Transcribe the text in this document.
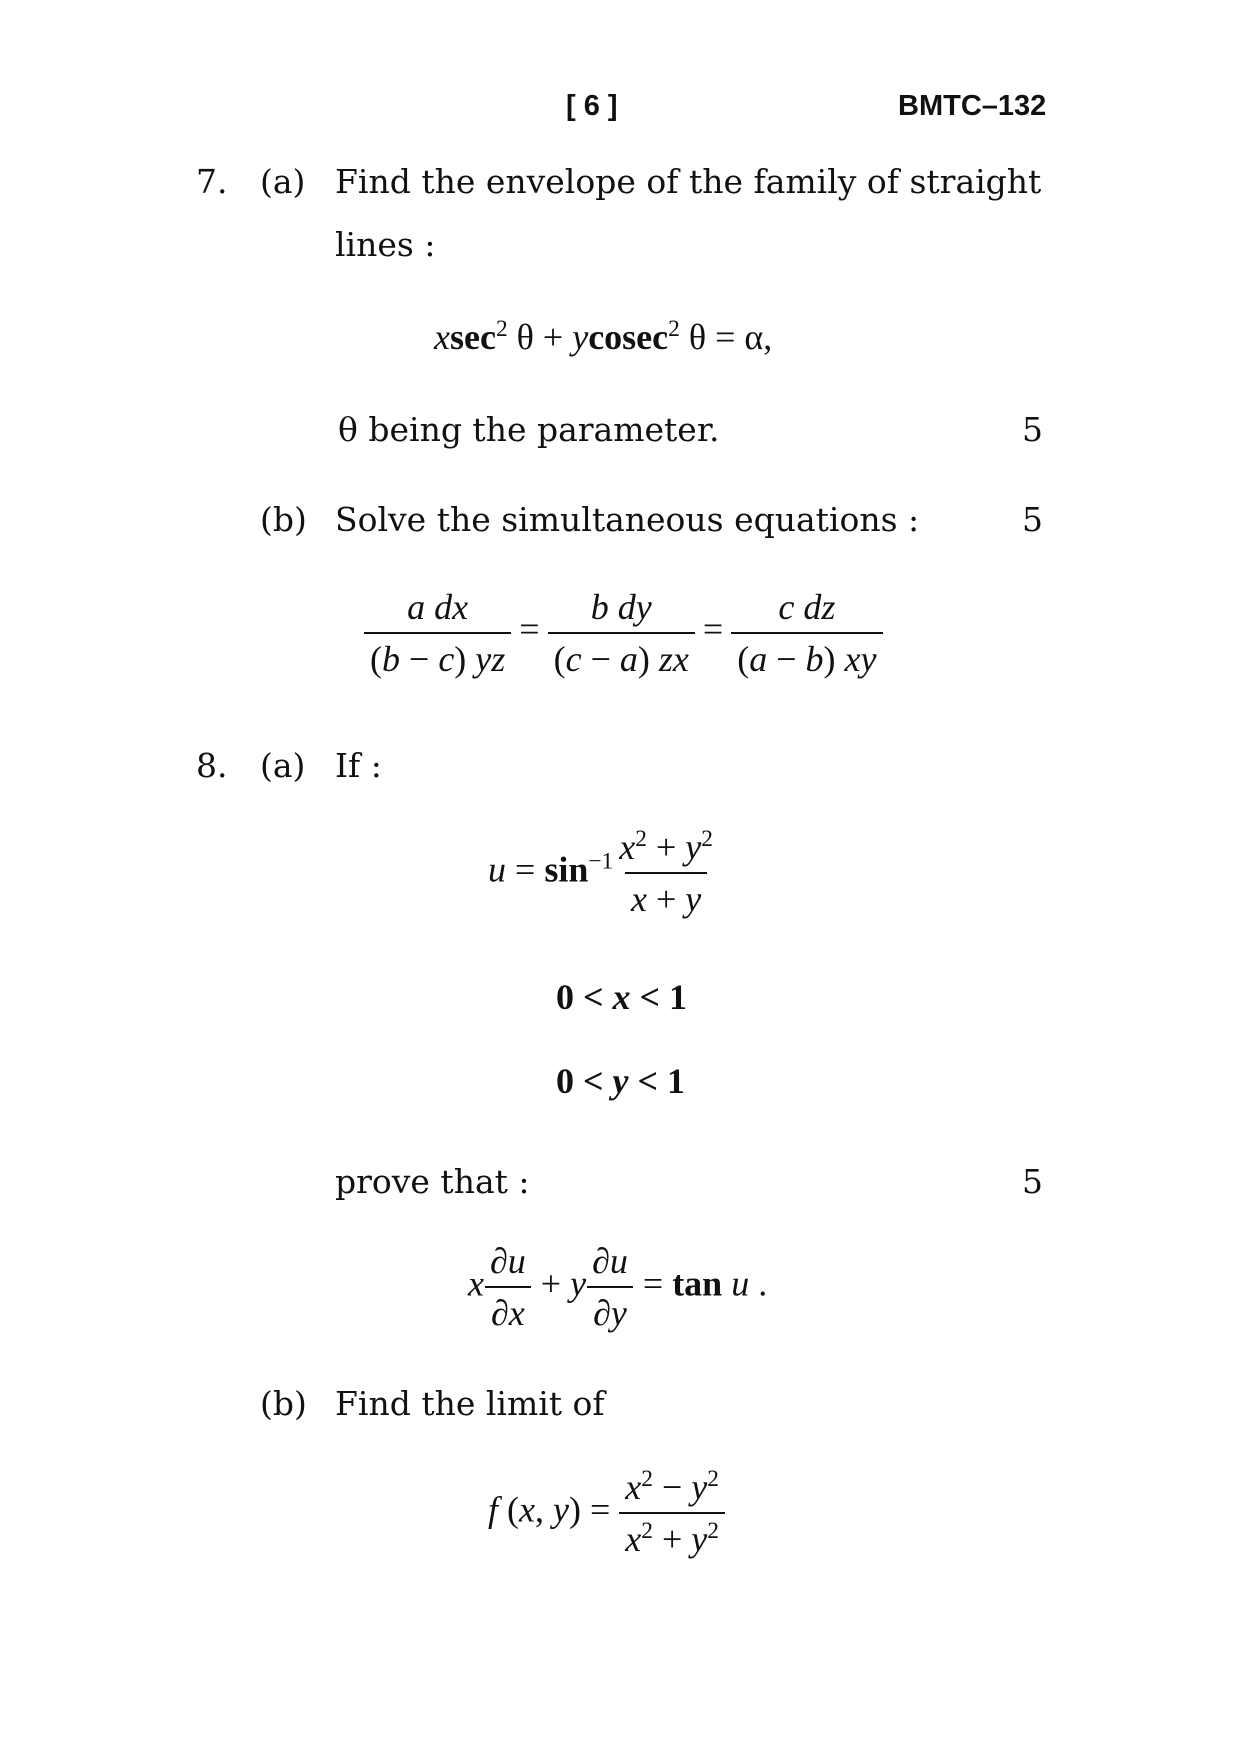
[ 6 ]	BMTC–132
7. (a) Find the envelope of the family of straight
lines :
xsec$^2$ θ + ycosec$^2$ θ = α,
θ being the parameter.	5
(b) Solve the simultaneous equations :	5
$\frac{\text{a dx}}{(b - c) yz} = \frac{\text{b dy}}{(c - a) zx} = \frac{\text{c dz}}{(a - b) xy}$
8. (a) If :
$u = \sin^{-1} \frac{x^2 + y^2}{x + y}$
0 < x < 1
0 < y < 1
prove that :	5
x $\frac{\partial u}{\partial x} + y \frac{\partial u}{\partial y} = \tan u$ .
(b) Find the limit of
f (x, $y) = \frac{x^2 - y^2}{x^2 + y^2}$
